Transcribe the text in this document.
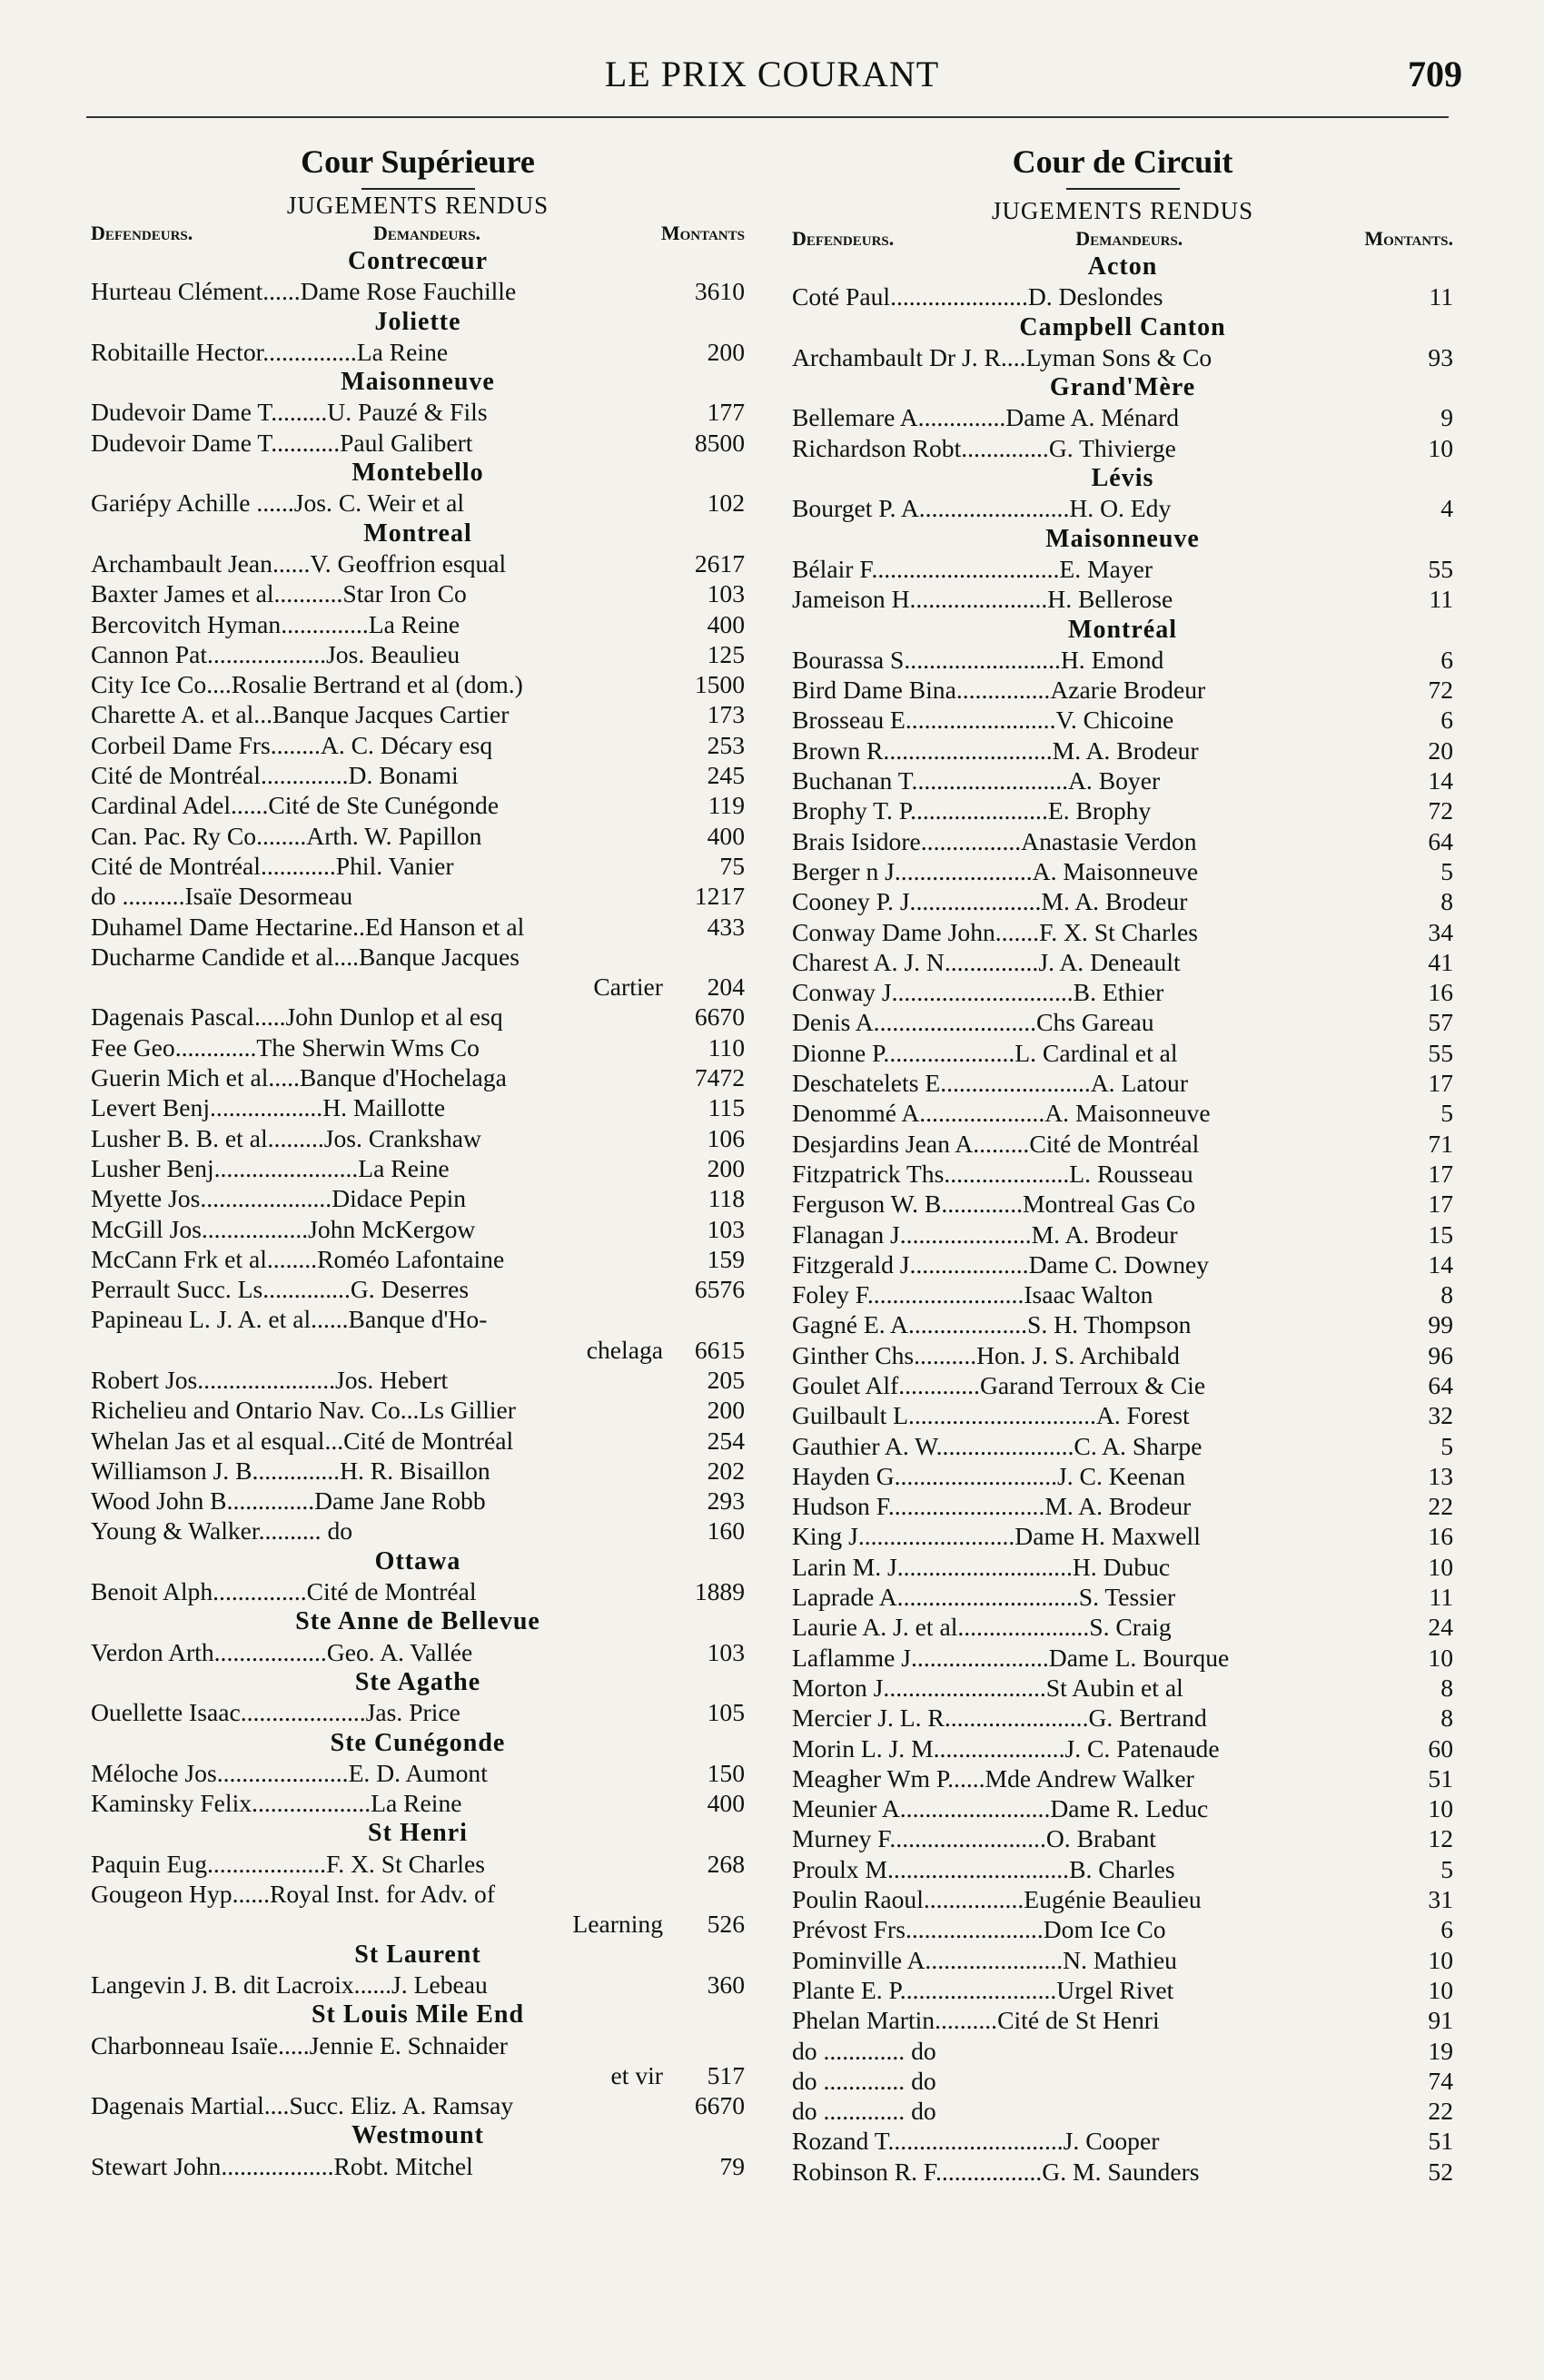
LE PRIX COURANT	709
Cour Supérieure
JUGEMENTS RENDUS
Defendeurs.	Demandeurs.	Montants
Contrecœur
Hurteau Clément......Dame Rose Fauchille	3610
Joliette
Robitaille Hector...............La Reine	200
Maisonneuve
Dudevoir Dame T.........U. Pauzé & Fils	177
Dudevoir Dame T...........Paul Galibert	8500
Montebello
Gariépy Achille ......Jos. C. Weir et al	102
Montreal
Archambault Jean......V. Geoffrion esqual	2617
Baxter James et al...........Star Iron Co	103
Bercovitch Hyman..............La Reine	400
Cannon Pat...................Jos. Beaulieu	125
City Ice Co....Rosalie Bertrand et al (dom.)	1500
Charette A. et al...Banque Jacques Cartier	173
Corbeil Dame Frs........A. C. Décary esq	253
Cité de Montréal..............D. Bonami	245
Cardinal Adel......Cité de Ste Cunégonde	119
Can. Pac. Ry Co........Arth. W. Papillon	400
Cité de Montréal............Phil. Vanier	75
do ..........Isaïe Desormeau	1217
Duhamel Dame Hectarine..Ed Hanson et al	433
Ducharme Candide et al....Banque Jacques
Cartier	204
Dagenais Pascal.....John Dunlop et al esq	6670
Fee Geo.............The Sherwin Wms Co	110
Guerin Mich et al.....Banque d'Hochelaga	7472
Levert Benj..................H. Maillotte	115
Lusher B. B. et al.........Jos. Crankshaw	106
Lusher Benj.......................La Reine	200
Myette Jos.....................Didace Pepin	118
McGill Jos.................John McKergow	103
McCann Frk et al........Roméo Lafontaine	159
Perrault Succ. Ls..............G. Deserres	6576
Papineau L. J. A. et al......Banque d'Ho-
chelaga	6615
Robert Jos......................Jos. Hebert	205
Richelieu and Ontario Nav. Co...Ls Gillier	200
Whelan Jas et al esqual...Cité de Montréal	254
Williamson J. B..............H. R. Bisaillon	202
Wood John B..............Dame Jane Robb	293
Young & Walker.......... do	160
Ottawa
Benoit Alph...............Cité de Montréal	1889
Ste Anne de Bellevue
Verdon Arth..................Geo. A. Vallée	103
Ste Agathe
Ouellette Isaac....................Jas. Price	105
Ste Cunégonde
Méloche Jos.....................E. D. Aumont	150
Kaminsky Felix...................La Reine	400
St Henri
Paquin Eug...................F. X. St Charles	268
Gougeon Hyp......Royal Inst. for Adv. of
Learning	526
St Laurent
Langevin J. B. dit Lacroix......J. Lebeau	360
St Louis Mile End
Charbonneau Isaïe.....Jennie E. Schnaider
et vir	517
Dagenais Martial....Succ. Eliz. A. Ramsay	6670
Westmount
Stewart John..................Robt. Mitchel	79
Cour de Circuit
JUGEMENTS RENDUS
Defendeurs.	Demandeurs.	Montants.
Acton
Coté Paul......................D. Deslondes	11
Campbell Canton
Archambault Dr J. R....Lyman Sons & Co	93
Grand'Mère
Bellemare A..............Dame A. Ménard	9
Richardson Robt..............G. Thivierge	10
Lévis
Bourget P. A........................H. O. Edy	4
Maisonneuve
Bélair F..............................E. Mayer	55
Jameison H......................H. Bellerose	11
Montréal
Bourassa S.........................H. Emond	6
Bird Dame Bina...............Azarie Brodeur	72
Brosseau E........................V. Chicoine	6
Brown R...........................M. A. Brodeur	20
Buchanan T.........................A. Boyer	14
Brophy T. P......................E. Brophy	72
Brais Isidore................Anastasie Verdon	64
Berger n J......................A. Maisonneuve	5
Cooney P. J.....................M. A. Brodeur	8
Conway Dame John.......F. X. St Charles	34
Charest A. J. N...............J. A. Deneault	41
Conway J.............................B. Ethier	16
Denis A..........................Chs Gareau	57
Dionne P.....................L. Cardinal et al	55
Deschatelets E........................A. Latour	17
Denommé A....................A. Maisonneuve	5
Desjardins Jean A.........Cité de Montréal	71
Fitzpatrick Ths....................L. Rousseau	17
Ferguson W. B.............Montreal Gas Co	17
Flanagan J.....................M. A. Brodeur	15
Fitzgerald J...................Dame C. Downey	14
Foley F.........................Isaac Walton	8
Gagné E. A...................S. H. Thompson	99
Ginther Chs..........Hon. J. S. Archibald	96
Goulet Alf.............Garand Terroux & Cie	64
Guilbault L..............................A. Forest	32
Gauthier A. W......................C. A. Sharpe	5
Hayden G..........................J. C. Keenan	13
Hudson F.........................M. A. Brodeur	22
King J.........................Dame H. Maxwell	16
Larin M. J............................H. Dubuc	10
Laprade A.............................S. Tessier	11
Laurie A. J. et al.....................S. Craig	24
Laflamme J......................Dame L. Bourque	10
Morton J..........................St Aubin et al	8
Mercier J. L. R.......................G. Bertrand	8
Morin L. J. M.....................J. C. Patenaude	60
Meagher Wm P......Mde Andrew Walker	51
Meunier A........................Dame R. Leduc	10
Murney F.........................O. Brabant	12
Proulx M.............................B. Charles	5
Poulin Raoul................Eugénie Beaulieu	31
Prévost Frs......................Dom Ice Co	6
Pominville A......................N. Mathieu	10
Plante E. P.........................Urgel Rivet	10
Phelan Martin..........Cité de St Henri	91
do ............. do	19
do ............. do	74
do ............. do	22
Rozand T............................J. Cooper	51
Robinson R. F.................G. M. Saunders	52
